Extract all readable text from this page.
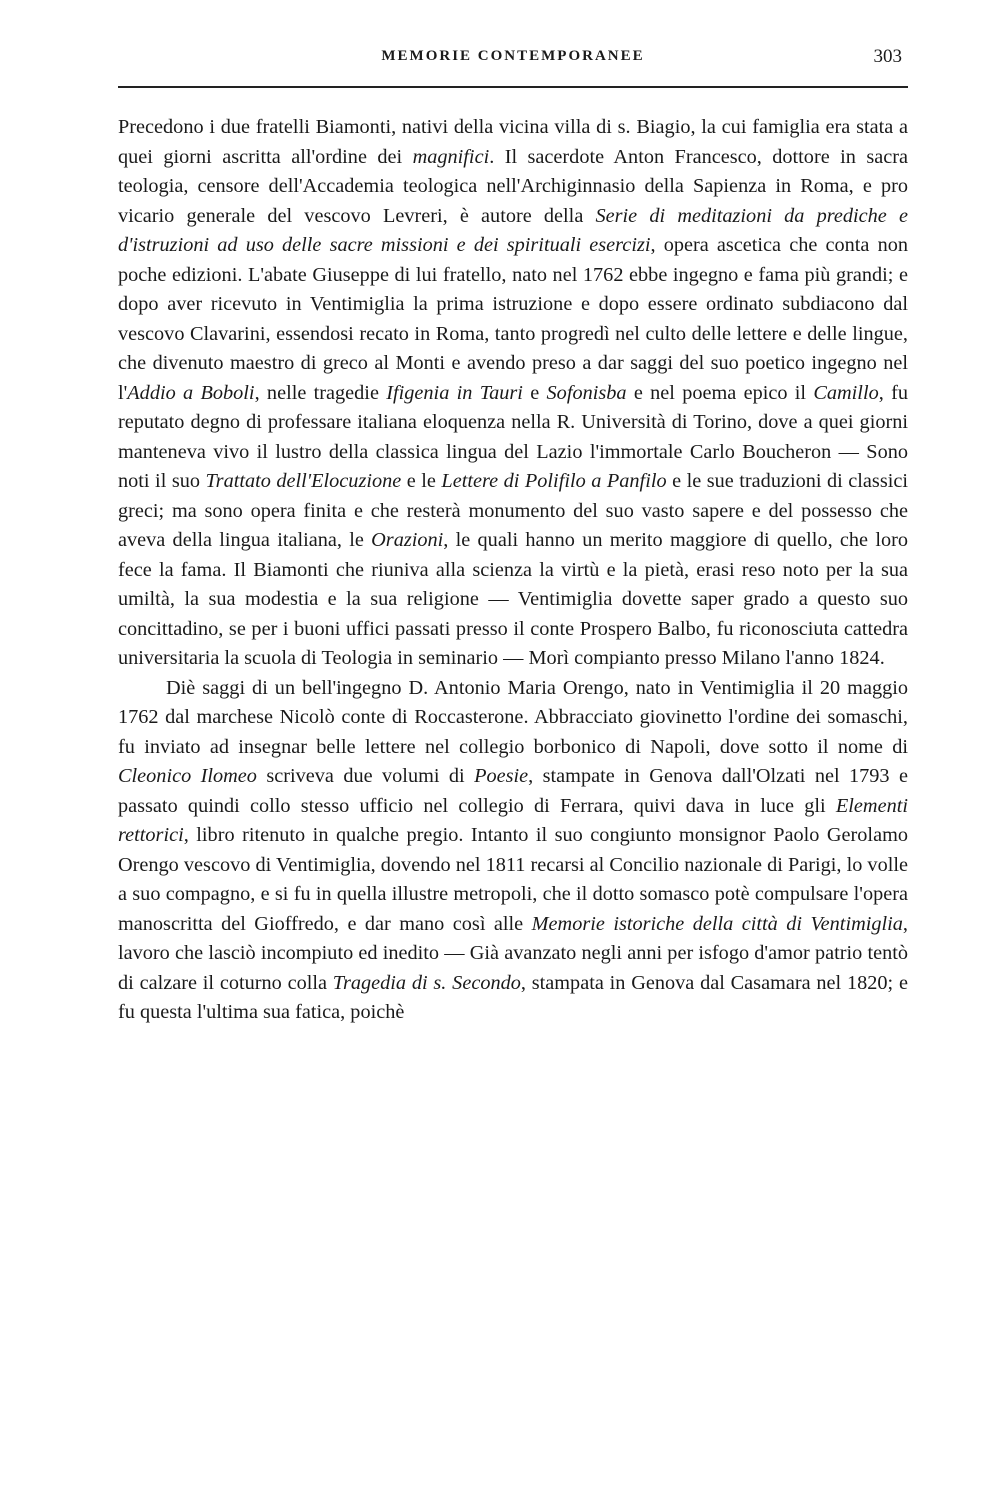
MEMORIE CONTEMPORANEE	303

Precedono i due fratelli Biamonti, nativi della vicina villa di s. Biagio, la cui famiglia era stata a quei giorni ascritta all'ordine dei magnifici. Il sacerdote Anton Francesco, dottore in sacra teologia, censore dell'Accademia teologica nell'Archiginnasio della Sapienza in Roma, e pro vicario generale del vescovo Levreri, è autore della Serie di meditazioni da prediche e d'istruzioni ad uso delle sacre missioni e dei spirituali esercizi, opera ascetica che conta non poche edizioni. L'abate Giuseppe di lui fratello, nato nel 1762 ebbe ingegno e fama più grandi; e dopo aver ricevuto in Ventimiglia la prima istruzione e dopo essere ordinato subdiacono dal vescovo Clavarini, essendosi recato in Roma, tanto progredì nel culto delle lettere e delle lingue, che divenuto maestro di greco al Monti e avendo preso a dar saggi del suo poetico ingegno nel l'Addio a Boboli, nelle tragedie Ifigenia in Tauri e Sofonisba e nel poema epico il Camillo, fu reputato degno di professare italiana eloquenza nella R. Università di Torino, dove a quei giorni manteneva vivo il lustro della classica lingua del Lazio l'immortale Carlo Boucheron — Sono noti il suo Trattato dell'Elocuzione e le Lettere di Polifilo a Panfilo e le sue traduzioni di classici greci; ma sono opera finita e che resterà monumento del suo vasto sapere e del possesso che aveva della lingua italiana, le Orazioni, le quali hanno un merito maggiore di quello, che loro fece la fama. Il Biamonti che riuniva alla scienza la virtù e la pietà, erasi reso noto per la sua umiltà, la sua modestia e la sua religione — Ventimiglia dovette saper grado a questo suo concittadino, se per i buoni uffici passati presso il conte Prospero Balbo, fu riconosciuta cattedra universitaria la scuola di Teologia in seminario — Morì compianto presso Milano l'anno 1824.

Diè saggi di un bell'ingegno D. Antonio Maria Orengo, nato in Ventimiglia il 20 maggio 1762 dal marchese Nicolò conte di Roccasterone. Abbracciato giovinetto l'ordine dei somaschi, fu inviato ad insegnar belle lettere nel collegio borbonico di Napoli, dove sotto il nome di Cleonico Ilomeo scriveva due volumi di Poesie, stampate in Genova dall'Olzati nel 1793 e passato quindi collo stesso ufficio nel collegio di Ferrara, quivi dava in luce gli Elementi rettorici, libro ritenuto in qualche pregio. Intanto il suo congiunto monsignor Paolo Gerolamo Orengo vescovo di Ventimiglia, dovendo nel 1811 recarsi al Concilio nazionale di Parigi, lo volle a suo compagno, e si fu in quella illustre metropoli, che il dotto somasco potè compulsare l'opera manoscritta del Gioffredo, e dar mano così alle Memorie istoriche della città di Ventimiglia, lavoro che lasciò incompiuto ed inedito — Già avanzato negli anni per isfogo d'amor patrio tentò di calzare il coturno colla Tragedia di s. Secondo, stampata in Genova dal Casamara nel 1820; e fu questa l'ultima sua fatica, poichè
